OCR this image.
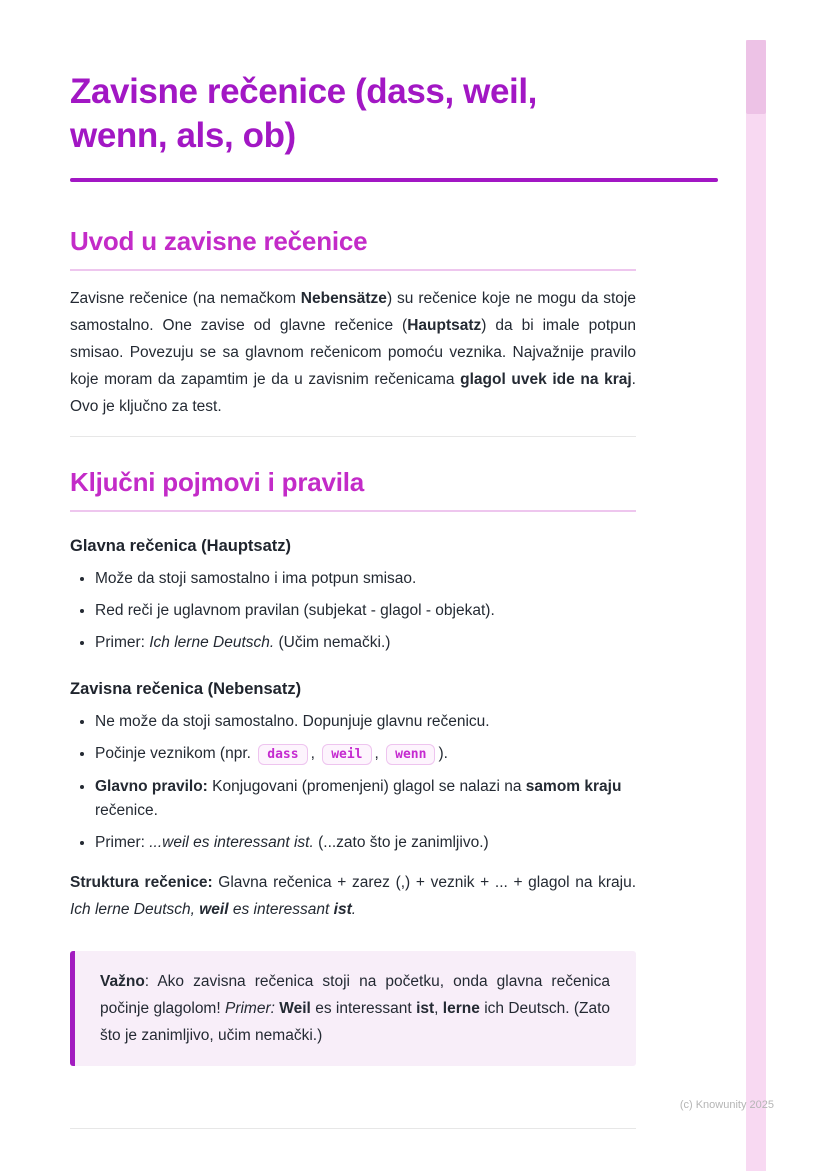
Zavisne rečenice (dass, weil,
wenn, als, ob)
Uvod u zavisne rečenice

Zavisne rečenice (na nemačkom Nebensätze) su rečenice koje ne mogu da stoje samostalno. One zavise od glavne rečenice (Hauptsatz) da bi imale potpun smisao. Povezuju se sa glavnom rečenicom pomoću veznika. Najvažnije pravilo koje moram da zapamtim je da u zavisnim rečenicama glagol uvek ide na kraj. Ovo je ključno za test.

Ključni pojmovi i pravila
Glavna rečenica (Hauptsatz)
• Može da stoji samostalno i ima potpun smisao.
• Red reči je uglavnom pravilan (subjekat - glagol - objekat).
• Primer: Ich lerne Deutsch. (Učim nemački.)
Zavisna rečenica (Nebensatz)
• Ne može da stoji samostalno. Dopunjuje glavnu rečenicu.
• Počinje veznikom (npr. dass , weil , wenn ).
• Glavno pravilo: Konjugovani (promenjeni) glagol se nalazi na samom kraju rečenice.
• Primer: ...weil es interessant ist. (...zato što je zanimljivo.)

Struktura rečenice: Glavna rečenica + zarez (,) + veznik + ... + glagol na kraju. Ich lerne Deutsch, weil es interessant ist.

Važno: Ako zavisna rečenica stoji na početku, onda glavna rečenica počinje glagolom! Primer: Weil es interessant ist, lerne ich Deutsch. (Zato što je zanimljivo, učim nemački.)

(c) Knowunity 2025
